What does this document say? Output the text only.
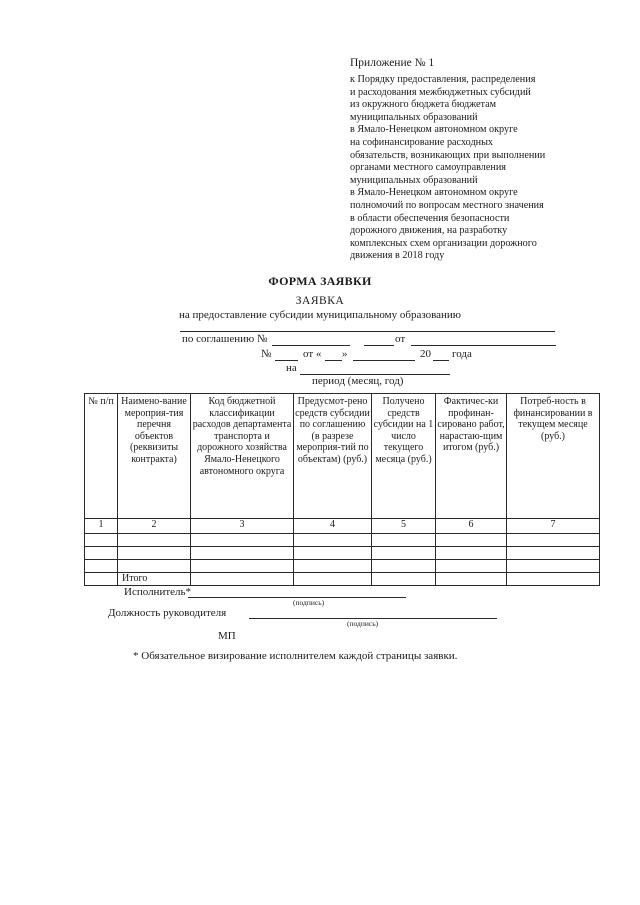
Приложение № 1
к Порядку предоставления, распределения
и расходования межбюджетных субсидий
из окружного бюджета бюджетам
муниципальных образований
в Ямало-Ненецком автономном округе
на софинансирование расходных
обязательств, возникающих при выполнении
органами местного самоуправления
муниципальных образований
в Ямало-Ненецком автономном округе
полномочий по вопросам местного значения
в области обеспечения безопасности
дорожного движения, на разработку
комплексных схем организации дорожного
движения в 2018 году
ФОРМА ЗАЯВКИ
ЗАЯВКА
на предоставление субсидии муниципальному образованию
по соглашению №	от
№	от « »	20 года
на
период (месяц, год)
№ п/п	Наимено-вание мероприя-тия перечня объектов (реквизиты контракта)	Код бюджетной классификации расходов департамента транспорта и дорожного хозяйства Ямало-Ненецкого автономного округа	Предусмот-рено средств субсидии по соглашению (в разрезе мероприя-тий по объектам) (руб.)	Получено средств субсидии на 1 число текущего месяца (руб.)	Фактичес-ки профинан-сировано работ, нарастаю-щим итогом (руб.)	Потреб-ность в финансировании в текущем месяце (руб.)
1	2	3	4	5	6	7

	Итого					
Исполнитель*
(подпись)
Должность руководителя
(подпись)
МП
* Обязательное визирование исполнителем каждой страницы заявки.
